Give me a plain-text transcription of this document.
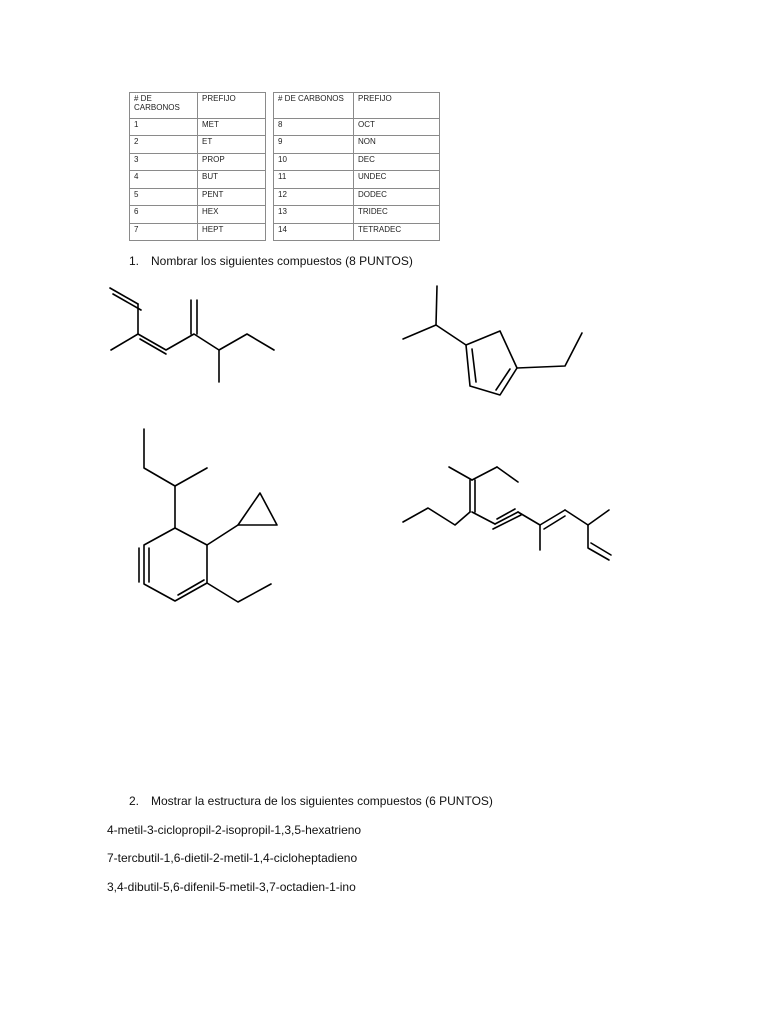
# DE CARBONOS	PREFIJO		# DE CARBONOS	PREFIJO
1	MET		8	OCT
2	ET		9	NON
3	PROP		10	DEC
4	BUT		11	UNDEC
5	PENT		12	DODEC
6	HEX		13	TRIDEC
7	HEPT		14	TETRADEC
1. Nombrar los siguientes compuestos (8 PUNTOS)
2. Mostrar la estructura de los siguientes compuestos (6 PUNTOS)
4-metil-3-ciclopropil-2-isopropil-1,3,5-hexatrieno
7-tercbutil-1,6-dietil-2-metil-1,4-cicloheptadieno
3,4-dibutil-5,6-difenil-5-metil-3,7-octadien-1-ino
